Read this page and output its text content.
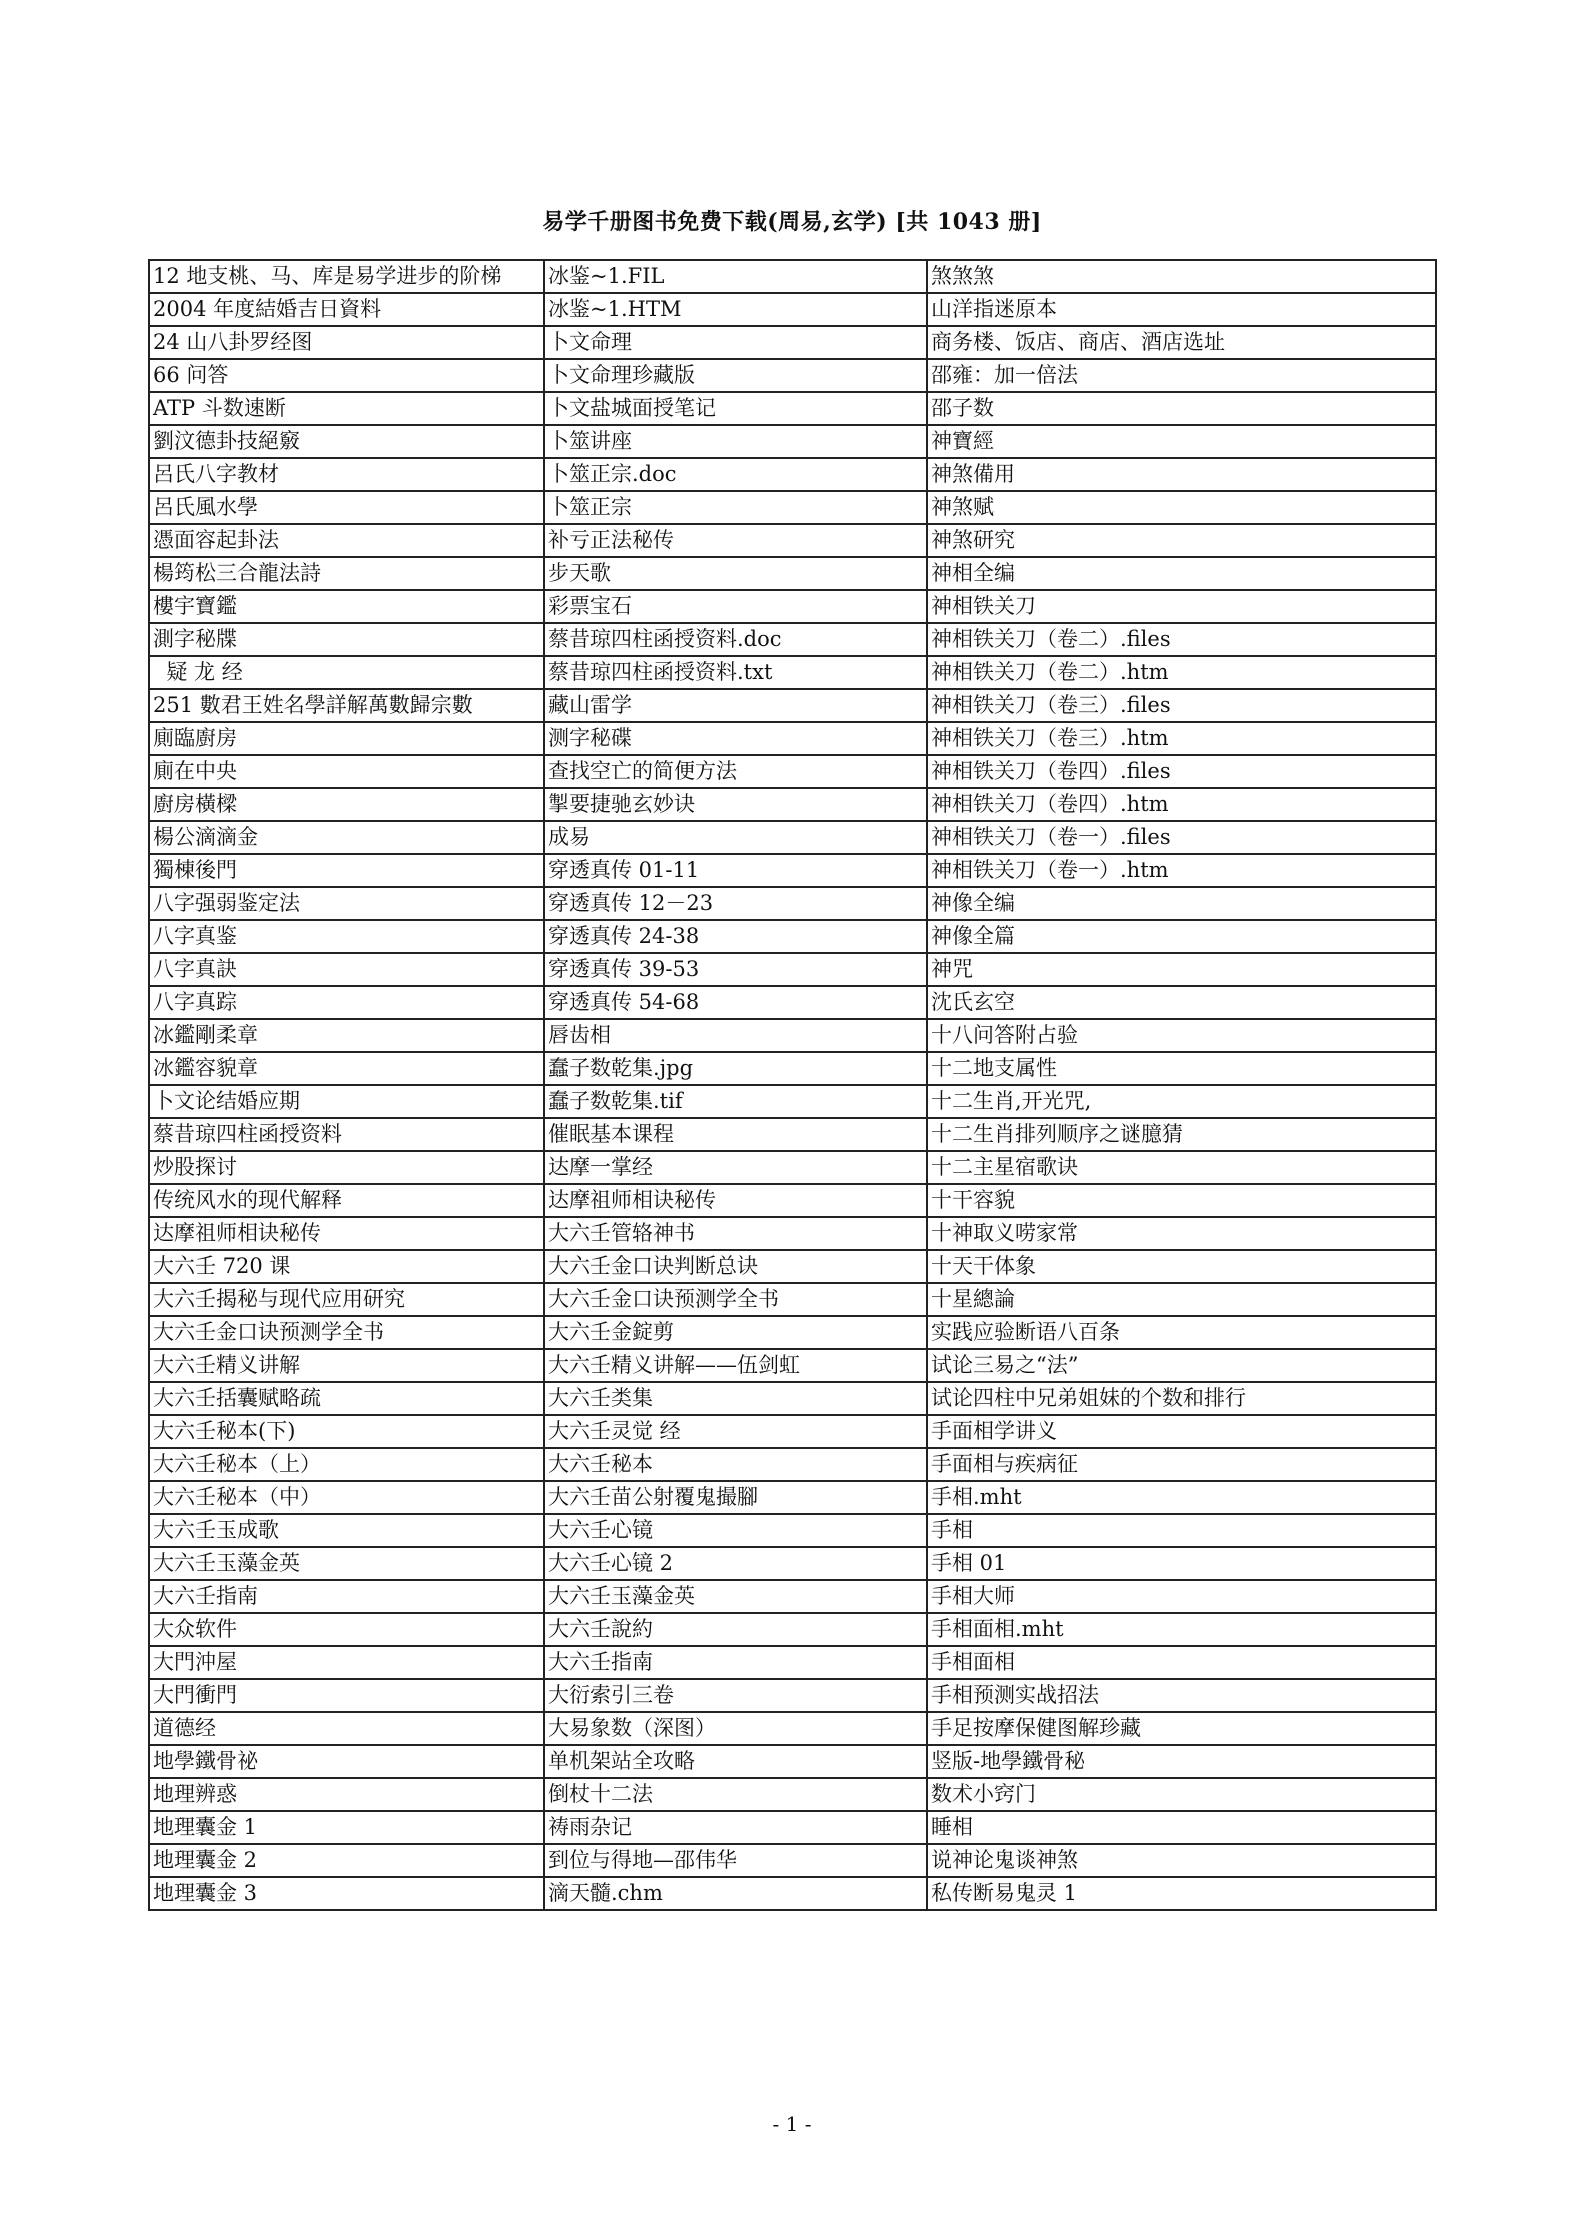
易学千册图书免费下载(周易,玄学) [共 1043 册]
12 地支桃、马、库是易学进步的阶梯	冰鉴~1.FIL	煞煞煞
2004 年度結婚吉日資料	冰鉴~1.HTM	山洋指迷原本
24 山八卦罗经图	卜文命理	商务楼、饭店、商店、酒店选址
66 问答	卜文命理珍藏版	邵雍：加一倍法
ATP 斗数速断	卜文盐城面授笔记	邵子数
劉汶德卦技絕竅	卜筮讲座	神寶經
呂氏八字教材	卜筮正宗.doc	神煞備用
呂氏風水學	卜筮正宗	神煞赋
憑面容起卦法	补亏正法秘传	神煞研究
楊筠松三合龍法詩	步天歌	神相全编
樓宇寶鑑	彩票宝石	神相铁关刀
測字秘牒	蔡昔琼四柱函授资料.doc	神相铁关刀（卷二）.files
疑 龙 经	蔡昔琼四柱函授资料.txt	神相铁关刀（卷二）.htm
251 數君王姓名學詳解萬數歸宗數	藏山雷学	神相铁关刀（卷三）.files
廁臨廚房	测字秘碟	神相铁关刀（卷三）.htm
廁在中央	查找空亡的简便方法	神相铁关刀（卷四）.files
廚房橫樑	掣要捷驰玄妙诀	神相铁关刀（卷四）.htm
楊公滴滴金	成易	神相铁关刀（卷一）.files
獨棟後門	穿透真传 01-11	神相铁关刀（卷一）.htm
八字强弱鉴定法	穿透真传 12－23	神像全编
八字真鉴	穿透真传 24-38	神像全篇
八字真訣	穿透真传 39-53	神咒
八字真踪	穿透真传 54-68	沈氏玄空
冰鑑剛柔章	唇齿相	十八问答附占验
冰鑑容貌章	蠢子数乾集.jpg	十二地支属性
卜文论结婚应期	蠢子数乾集.tif	十二生肖,开光咒,
蔡昔琼四柱函授资料	催眠基本课程	十二生肖排列顺序之谜臆猜
炒股探讨	达摩一掌经	十二主星宿歌诀
传统风水的现代解释	达摩祖师相诀秘传	十干容貌
达摩祖师相诀秘传	大六壬管辂神书	十神取义唠家常
大六壬 720 课	大六壬金口诀判断总诀	十天干体象
大六壬揭秘与现代应用研究	大六壬金口诀预测学全书	十星總論
大六壬金口诀预测学全书	大六壬金錠剪	实践应验断语八百条
大六壬精义讲解	大六壬精义讲解——伍剑虹	试论三易之“法”
大六壬括囊赋略疏	大六壬类集	试论四柱中兄弟姐妹的个数和排行
大六壬秘本(下)	大六壬灵觉 经	手面相学讲义
大六壬秘本（上）	大六壬秘本	手面相与疾病征
大六壬秘本（中）	大六壬苗公射覆鬼撮腳	手相.mht
大六壬玉成歌	大六壬心镜	手相
大六壬玉藻金英	大六壬心镜 2	手相 01
大六壬指南	大六壬玉藻金英	手相大师
大众软件	大六壬說約	手相面相.mht
大門沖屋	大六壬指南	手相面相
大門衝門	大衍索引三卷	手相预测实战招法
道德经	大易象数（深图）	手足按摩保健图解珍藏
地學鐵骨祕	单机架站全攻略	竖版-地學鐵骨秘
地理辨惑	倒杖十二法	数术小窍门
地理囊金 1	祷雨杂记	睡相
地理囊金 2	到位与得地—邵伟华	说神论鬼谈神煞
地理囊金 3	滴天髓.chm	私传断易鬼灵 1
- 1 -
